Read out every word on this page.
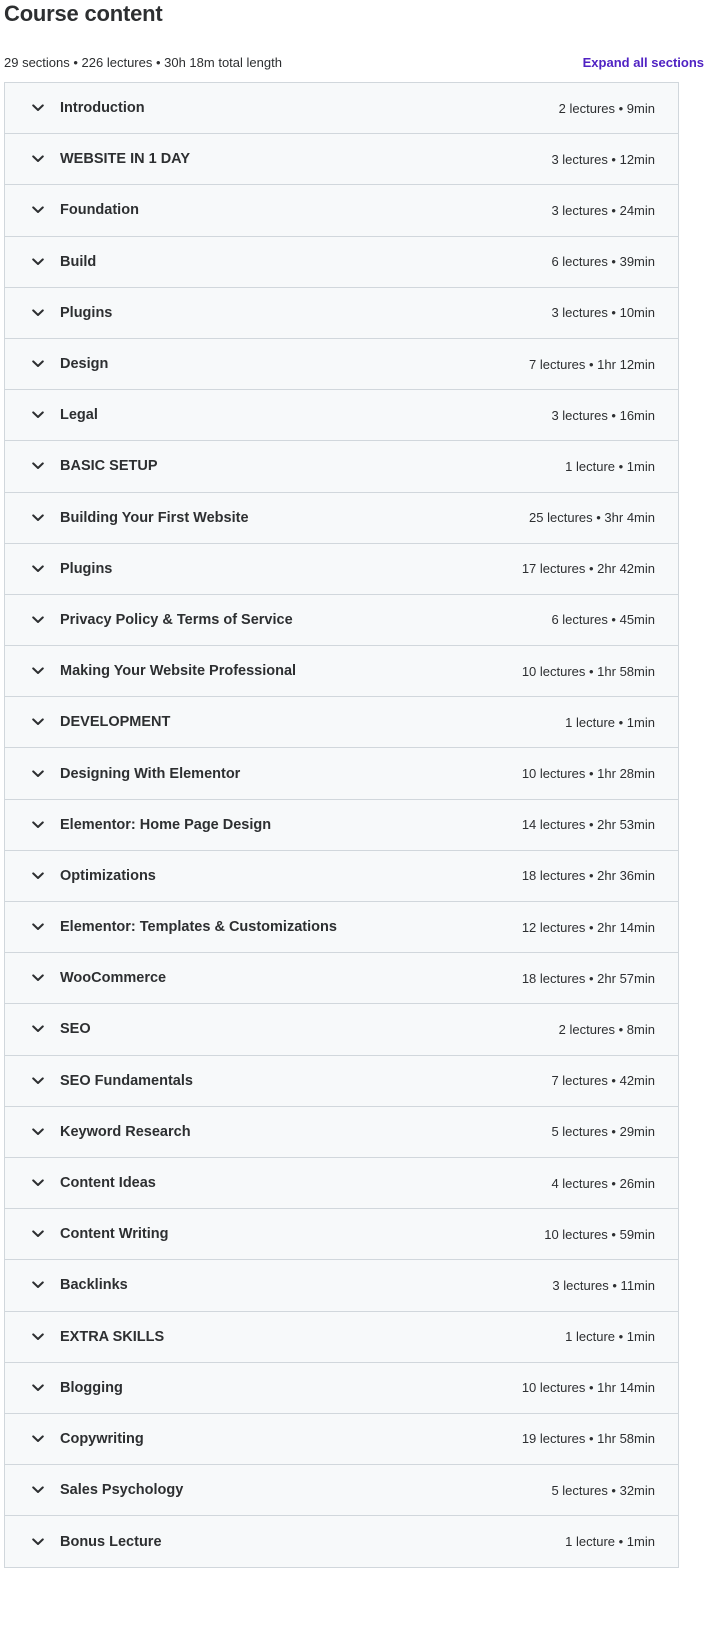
Course content
29 sections • 226 lectures • 30h 18m total length	Expand all sections
Introduction	2 lectures • 9min
WEBSITE IN 1 DAY	3 lectures • 12min
Foundation	3 lectures • 24min
Build	6 lectures • 39min
Plugins	3 lectures • 10min
Design	7 lectures • 1hr 12min
Legal	3 lectures • 16min
BASIC SETUP	1 lecture • 1min
Building Your First Website	25 lectures • 3hr 4min
Plugins	17 lectures • 2hr 42min
Privacy Policy & Terms of Service	6 lectures • 45min
Making Your Website Professional	10 lectures • 1hr 58min
DEVELOPMENT	1 lecture • 1min
Designing With Elementor	10 lectures • 1hr 28min
Elementor: Home Page Design	14 lectures • 2hr 53min
Optimizations	18 lectures • 2hr 36min
Elementor: Templates & Customizations	12 lectures • 2hr 14min
WooCommerce	18 lectures • 2hr 57min
SEO	2 lectures • 8min
SEO Fundamentals	7 lectures • 42min
Keyword Research	5 lectures • 29min
Content Ideas	4 lectures • 26min
Content Writing	10 lectures • 59min
Backlinks	3 lectures • 11min
EXTRA SKILLS	1 lecture • 1min
Blogging	10 lectures • 1hr 14min
Copywriting	19 lectures • 1hr 58min
Sales Psychology	5 lectures • 32min
Bonus Lecture	1 lecture • 1min
